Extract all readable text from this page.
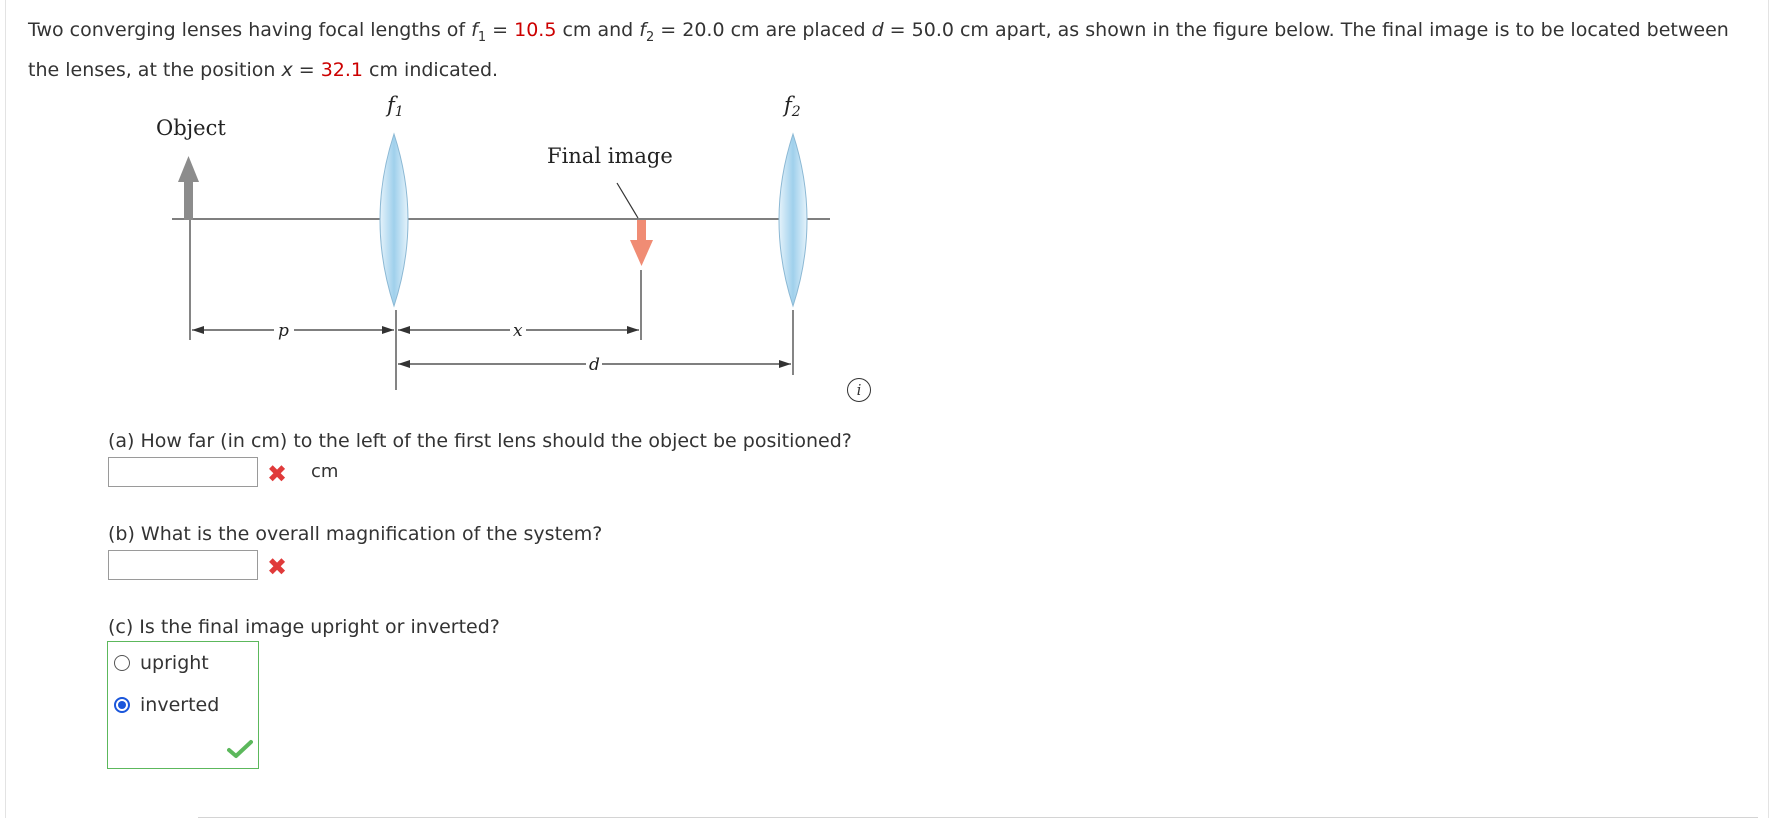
Two converging lenses having focal lengths of $f_1 = 10.5$ cm and $f_2 = 20.0$ cm are placed d = 50.0 cm apart, as shown in the figure below. The final image is to be located between the lenses, at the position x = 32.1 cm indicated.
Object
f1	f2
Final image
p	x
d
i
(a) How far (in cm) to the left of the first lens should the object be positioned?
✖ cm
(b) What is the overall magnification of the system?
✖
(c) Is the final image upright or inverted?
upright
inverted
